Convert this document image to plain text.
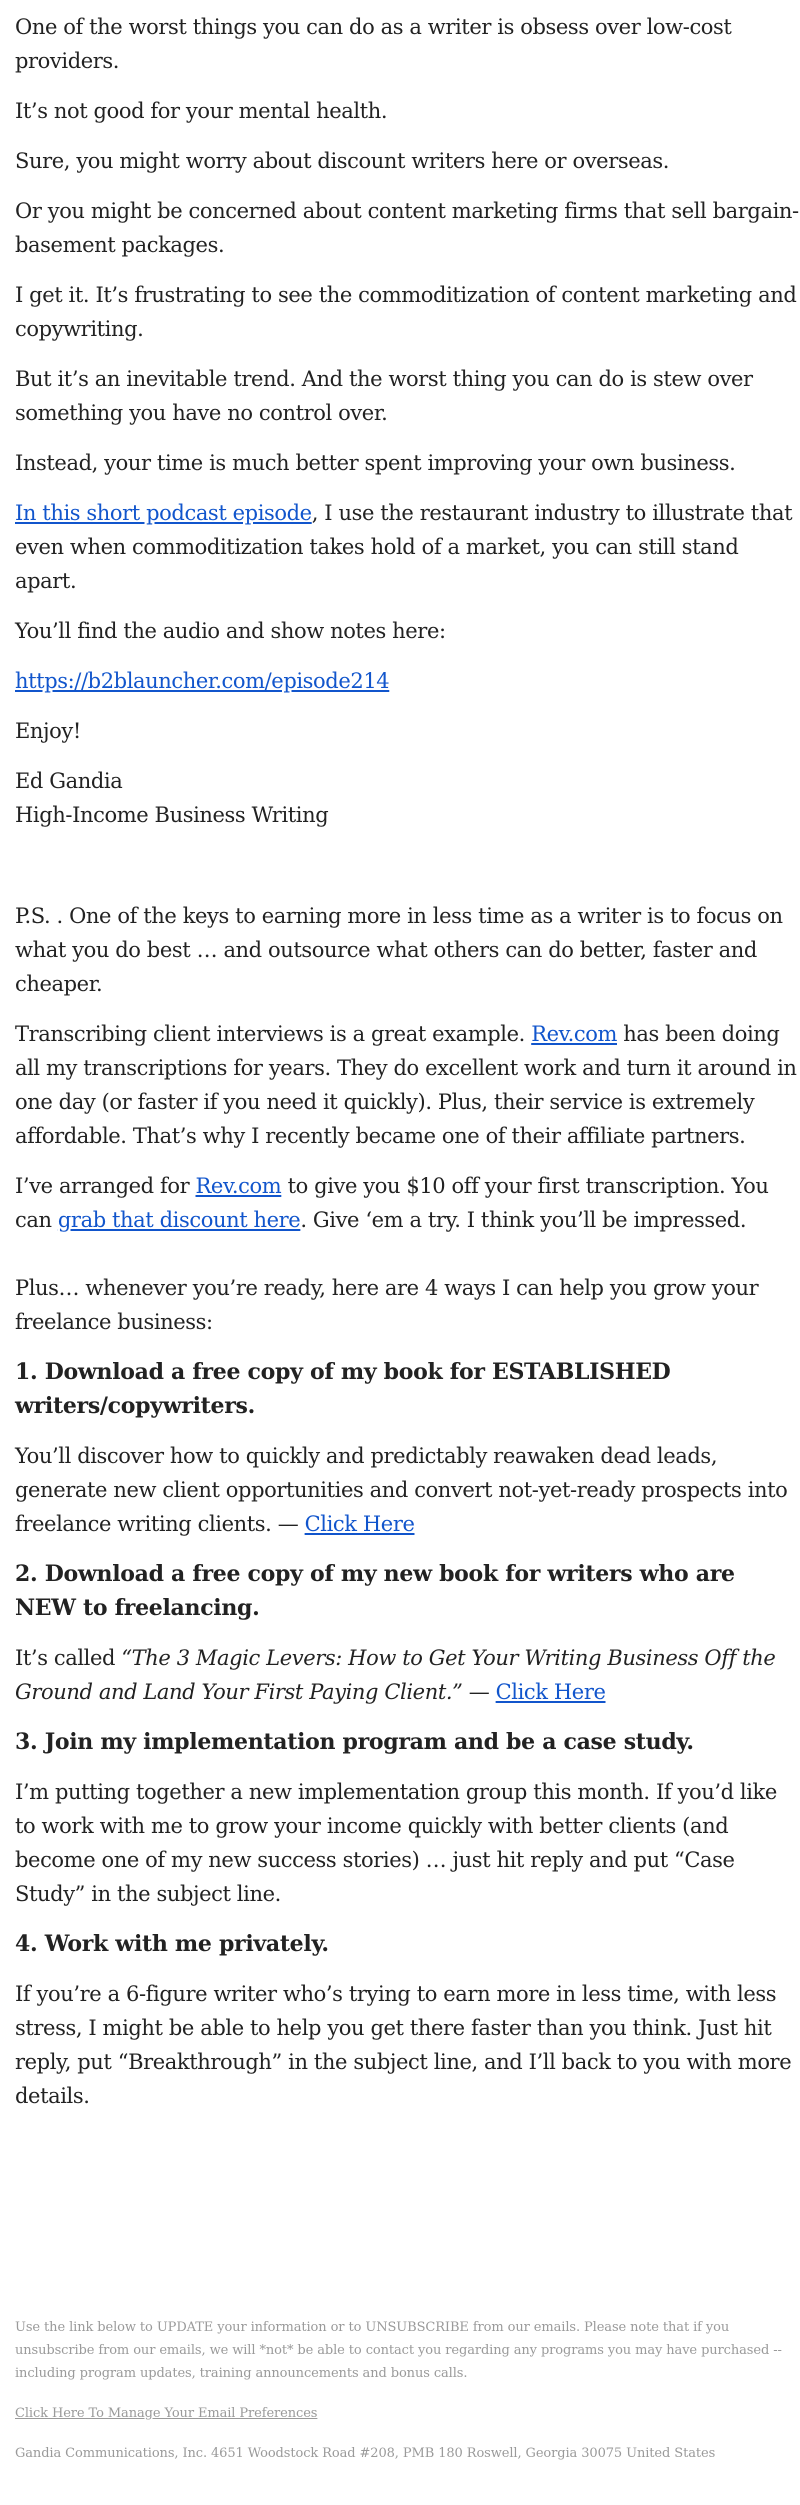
One of the worst things you can do as a writer is obsess over low-cost providers.

It’s not good for your mental health.

Sure, you might worry about discount writers here or overseas.

Or you might be concerned about content marketing firms that sell bargain-basement packages.

I get it. It’s frustrating to see the commoditization of content marketing and copywriting.

But it’s an inevitable trend. And the worst thing you can do is stew over something you have no control over.

Instead, your time is much better spent improving your own business.

In this short podcast episode, I use the restaurant industry to illustrate that even when commoditization takes hold of a market, you can still stand apart.

You’ll find the audio and show notes here:

https://b2blauncher.com/episode214

Enjoy!

Ed Gandia

High-Income Business Writing

P.S. . One of the keys to earning more in less time as a writer is to focus on what you do best … and outsource what others can do better, faster and cheaper.

Transcribing client interviews is a great example. Rev.com has been doing all my transcriptions for years. They do excellent work and turn it around in one day (or faster if you need it quickly). Plus, their service is extremely affordable. That’s why I recently became one of their affiliate partners.

I’ve arranged for Rev.com to give you $10 off your first transcription. You can grab that discount here. Give ‘em a try. I think you’ll be impressed.

Plus… whenever you’re ready, here are 4 ways I can help you grow your freelance business:

1. Download a free copy of my book for ESTABLISHED writers/copywriters.

You’ll discover how to quickly and predictably reawaken dead leads, generate new client opportunities and convert not-yet-ready prospects into freelance writing clients. — Click Here

2. Download a free copy of my new book for writers who are NEW to freelancing.

It’s called “The 3 Magic Levers: How to Get Your Writing Business Off the Ground and Land Your First Paying Client.” — Click Here

3. Join my implementation program and be a case study.

I’m putting together a new implementation group this month. If you’d like to work with me to grow your income quickly with better clients (and become one of my new success stories) … just hit reply and put “Case Study” in the subject line.

4. Work with me privately.

If you’re a 6-figure writer who’s trying to earn more in less time, with less stress, I might be able to help you get there faster than you think. Just hit reply, put “Breakthrough” in the subject line, and I’ll back to you with more details.

Use the link below to UPDATE your information or to UNSUBSCRIBE from our emails. Please note that if you unsubscribe from our emails, we will *not* be able to contact you regarding any programs you may have purchased -- including program updates, training announcements and bonus calls.

Click Here To Manage Your Email Preferences

Gandia Communications, Inc. 4651 Woodstock Road #208, PMB 180 Roswell, Georgia 30075 United States
